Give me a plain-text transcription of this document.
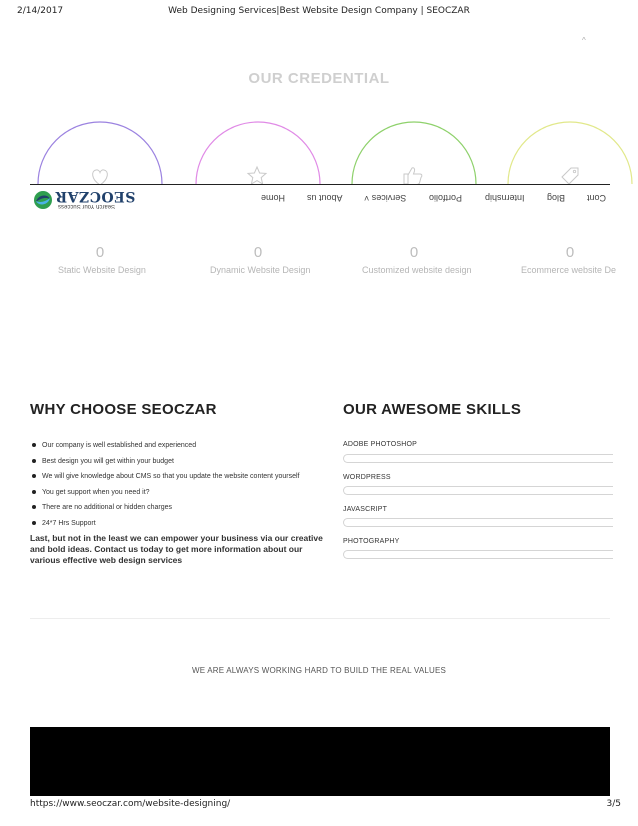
2/14/2017	Web Designing Services|Best Website Design Company | SEOCZAR
^
OUR CREDENTIAL
SEOCZAR
Search Your Success
Home About us Services ˅	Portfolio	Internship Blog Cont
0	0	0	0
Static Website Design	Dynamic Website Design	Customized website design	Ecommerce website De
WHY CHOOSE SEOCZAR
Our company is well established and experienced
Best design you will get within your budget
We will give knowledge about CMS so that you update the website content yourself
You get support when you need it?
There are no additional or hidden charges
24*7 Hrs Support
Last, but not in the least we can empower your business via our creative and bold ideas. Contact us today to get more information about our various effective web design services
OUR AWESOME SKILLS
ADOBE PHOTOSHOP
WORDPRESS
JAVASCRIPT
PHOTOGRAPHY
WE ARE ALWAYS WORKING HARD TO BUILD THE REAL VALUES
https://www.seoczar.com/website-designing/	3/5
